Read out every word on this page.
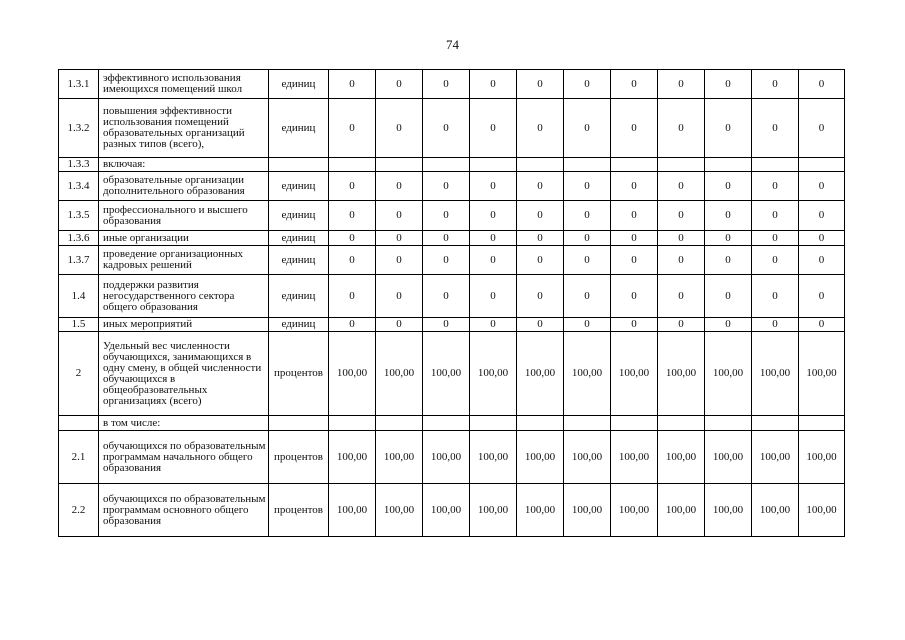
74
1.3.1	эффективного использования имеющихся помещений школ	единиц	0	0	0	0	0	0	0	0	0	0	0
1.3.2	повышения эффективности использования помещений образовательных организаций разных типов (всего),	единиц	0	0	0	0	0	0	0	0	0	0	0
1.3.3	включая:												
1.3.4	образовательные организации дополнительного образования	единиц	0	0	0	0	0	0	0	0	0	0	0
1.3.5	профессионального и высшего образования	единиц	0	0	0	0	0	0	0	0	0	0	0
1.3.6	иные организации	единиц	0	0	0	0	0	0	0	0	0	0	0
1.3.7	проведение организационных кадровых решений	единиц	0	0	0	0	0	0	0	0	0	0	0
1.4	поддержки развития негосударственного сектора общего образования	единиц	0	0	0	0	0	0	0	0	0	0	0
1.5	иных мероприятий	единиц	0	0	0	0	0	0	0	0	0	0	0
2	Удельный вес численности обучающихся, занимающихся в одну смену, в общей численности обучающихся в общеобразовательных организациях (всего)	процентов	100,00	100,00	100,00	100,00	100,00	100,00	100,00	100,00	100,00	100,00	100,00
	в том числе:												
2.1	обучающихся по образовательным программам начального общего образования	процентов	100,00	100,00	100,00	100,00	100,00	100,00	100,00	100,00	100,00	100,00	100,00
2.2	обучающихся по образовательным программам основного общего образования	процентов	100,00	100,00	100,00	100,00	100,00	100,00	100,00	100,00	100,00	100,00	100,00
